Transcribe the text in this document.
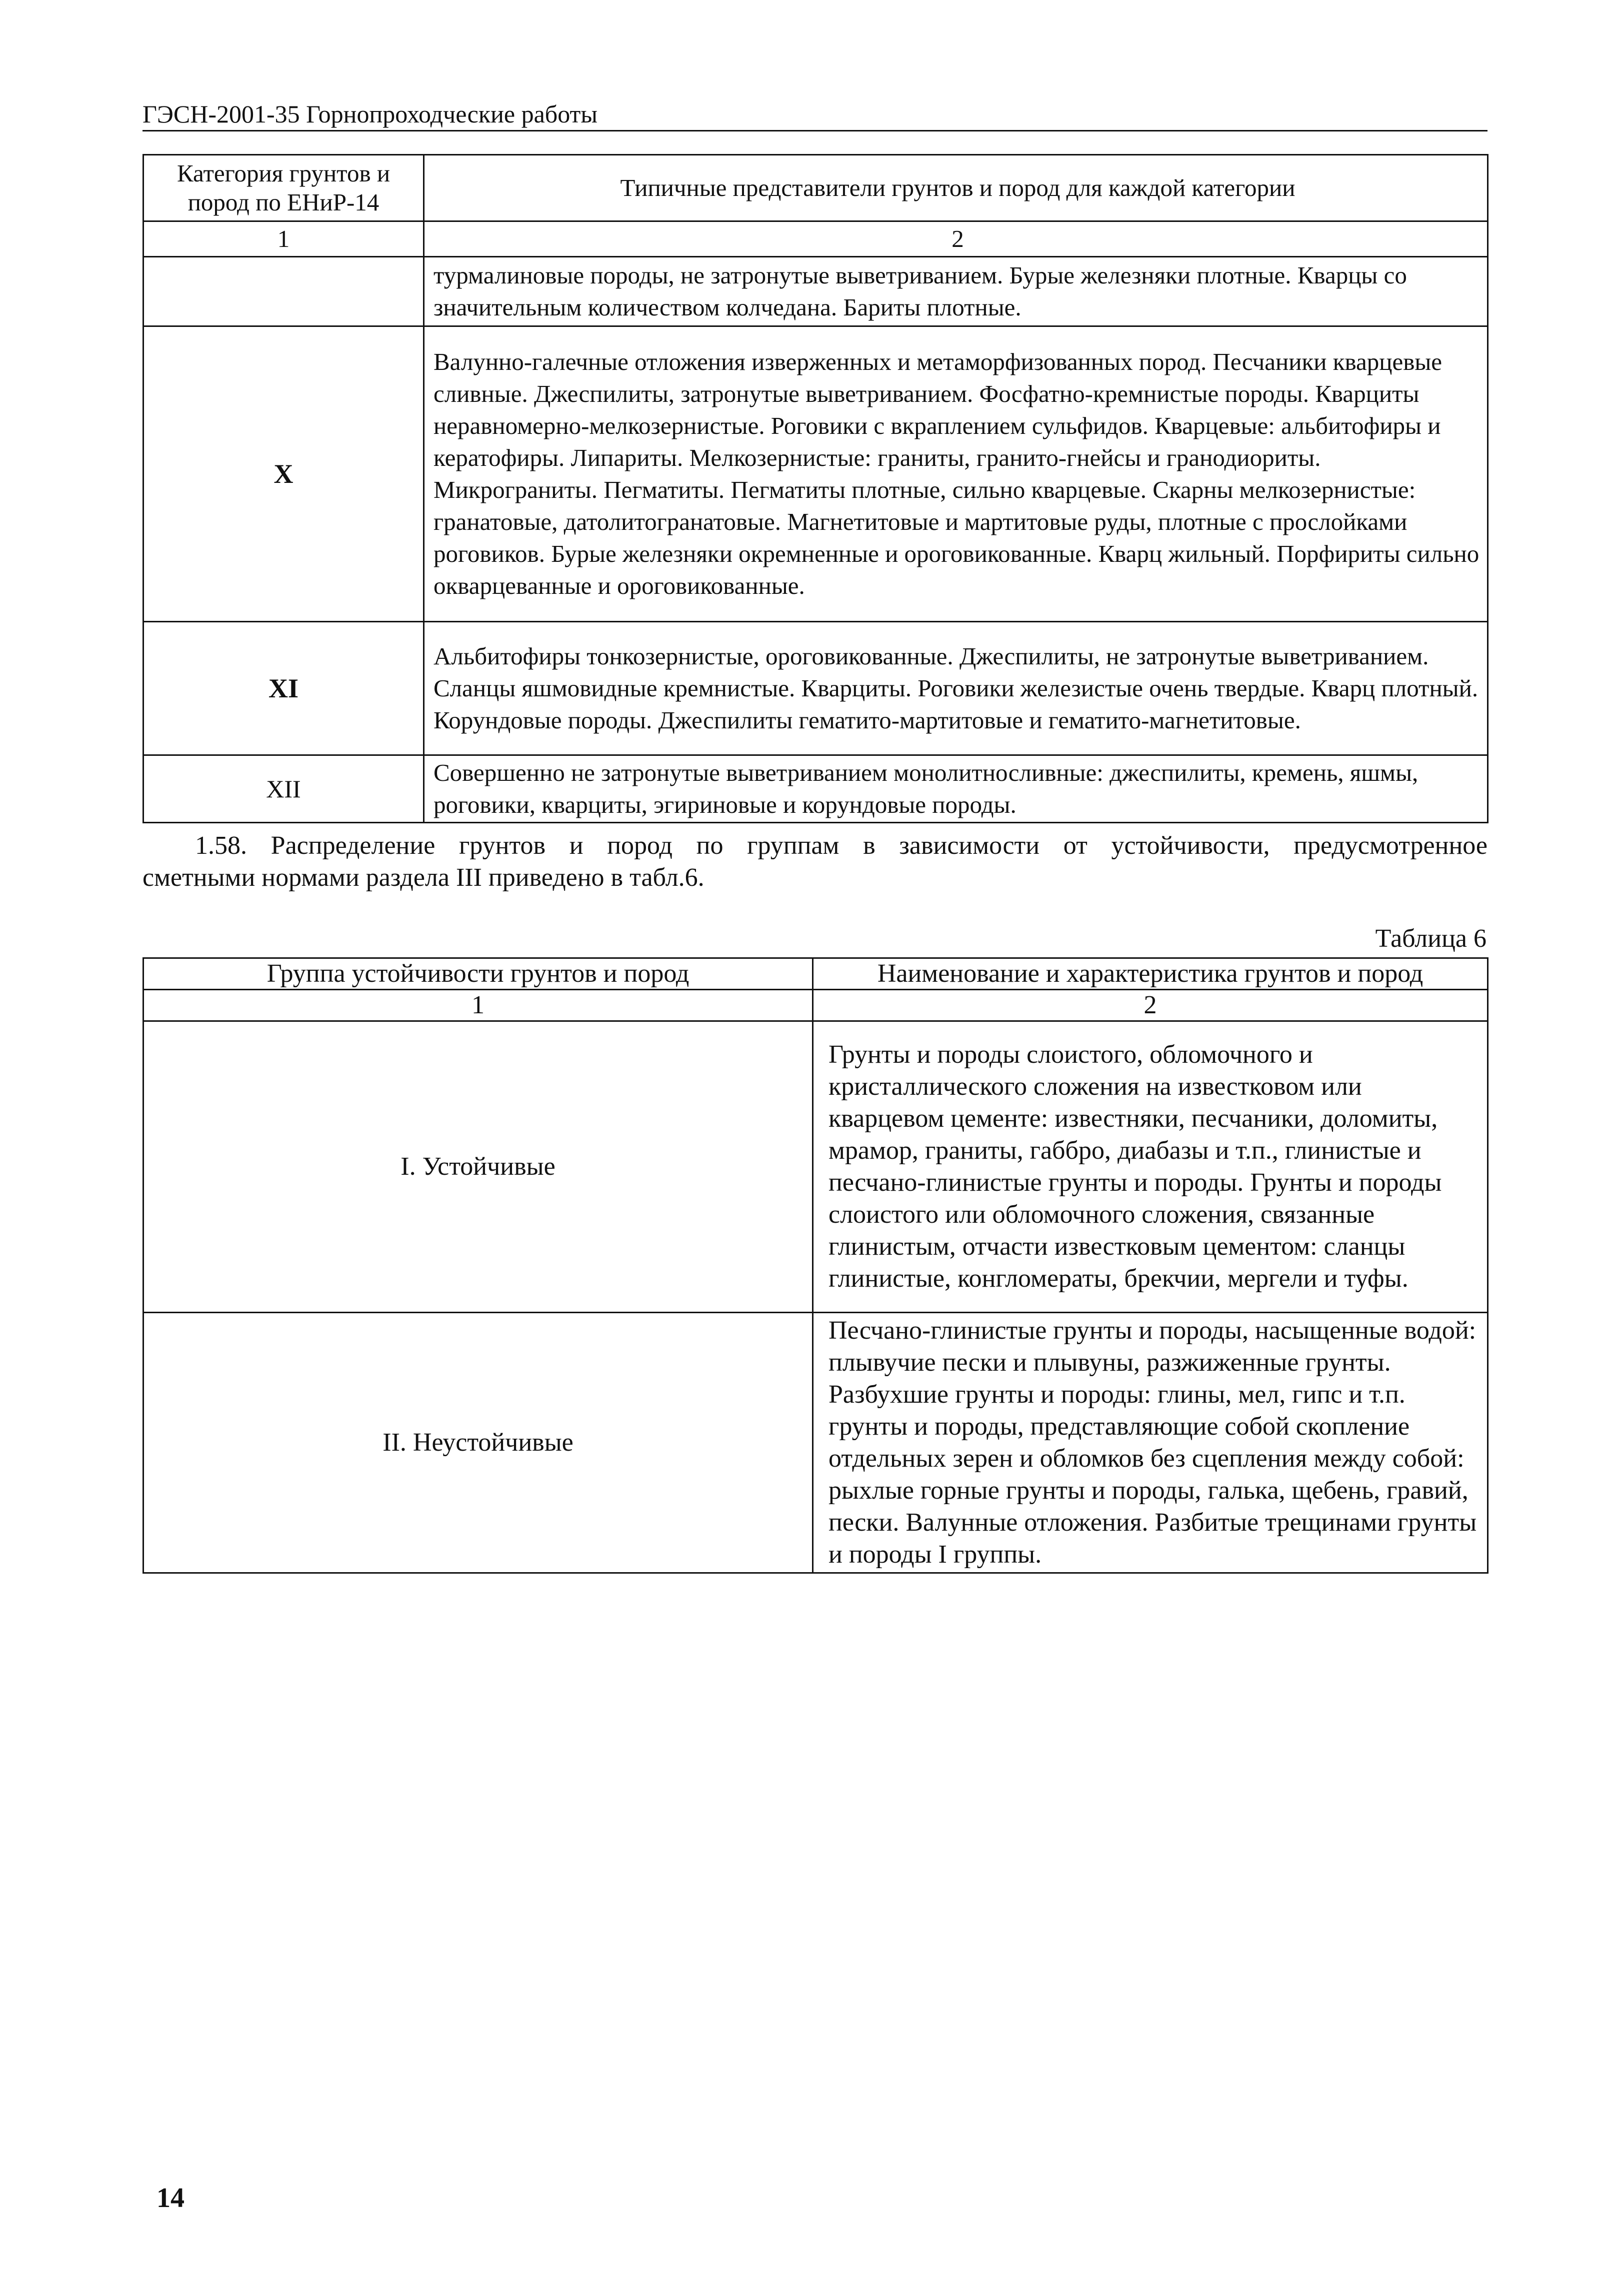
ГЭСН-2001-35 Горнопроходческие работы
Категория грунтов и пород по ЕНиР-14	Типичные представители грунтов и пород для каждой категории
1	2
	турмалиновые породы, не затронутые выветриванием. Бурые железняки плотные. Кварцы со значительным количеством колчедана. Бариты плотные.
X	Валунно-галечные отложения изверженных и метаморфизованных пород. Песчаники кварцевые сливные. Джеспилиты, затронутые выветриванием. Фосфатно-кремнистые породы. Кварциты неравномерно-мелкозернистые. Роговики с вкраплением сульфидов. Кварцевые: альбитофиры и кератофиры. Липариты. Мелкозернистые: граниты, гранито-гнейсы и гранодиориты. Микрограниты. Пегматиты. Пегматиты плотные, сильно кварцевые. Скарны мелкозернистые: гранатовые, датолитогранатовые. Магнетитовые и мартитовые руды, плотные с прослойками роговиков. Бурые железняки окремненные и ороговикованные. Кварц жильный. Порфириты сильно окварцеванные и ороговикованные.
XI	Альбитофиры тонкозернистые, ороговикованные. Джеспилиты, не затронутые выветриванием. Сланцы яшмовидные кремнистые. Кварциты. Роговики железистые очень твердые. Кварц плотный. Корундовые породы. Джеспилиты гематито-мартитовые и гематито-магнетитовые.
XII	Совершенно не затронутые выветриванием монолитносливные: джеспилиты, кремень, яшмы, роговики, кварциты, эгириновые и корундовые породы.
1.58. Распределение грунтов и пород по группам в зависимости от устойчивости, предусмотренное
сметными нормами раздела III приведено в табл.6.
Таблица 6
Группа устойчивости грунтов и пород	Наименование и характеристика грунтов и пород
1	2
I. Устойчивые	Грунты и породы слоистого, обломочного и кристаллического сложения на известковом или кварцевом цементе: известняки, песчаники, доломиты, мрамор, граниты, габбро, диабазы и т.п., глинистые и песчано-глинистые грунты и породы. Грунты и породы слоистого или обломочного сложения, связанные глинистым, отчасти известковым цементом: сланцы глинистые, конгломераты, брекчии, мергели и туфы.
II. Неустойчивые	Песчано-глинистые грунты и породы, насыщенные водой: плывучие пески и плывуны, разжиженные грунты. Разбухшие грунты и породы: глины, мел, гипс и т.п. грунты и породы, представляющие собой скопление отдельных зерен и обломков без сцепления между собой: рыхлые горные грунты и породы, галька, щебень, гравий, пески. Валунные отложения. Разбитые трещинами грунты и породы I группы.
14
